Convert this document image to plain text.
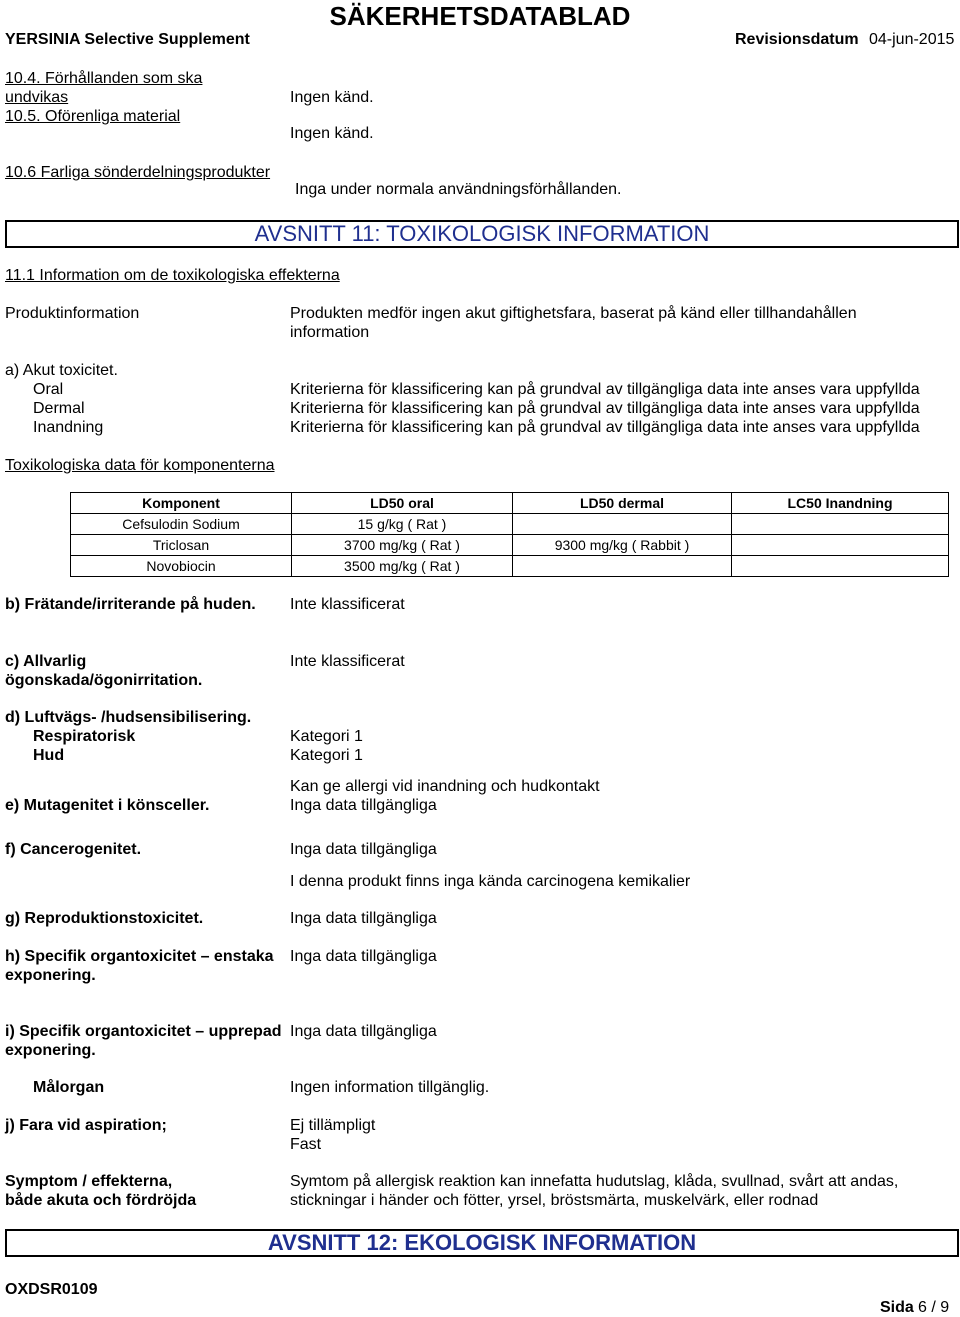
SÄKERHETSDATABLAD
YERSINIA Selective Supplement	Revisionsdatum 04-jun-2015
10.4. Förhållanden som ska
undvikas	Ingen känd.
10.5. Oförenliga material
Ingen känd.
10.6 Farliga sönderdelningsprodukter
Inga under normala användningsförhållanden.
AVSNITT 11: TOXIKOLOGISK INFORMATION
11.1 Information om de toxikologiska effekterna
Produktinformation	Produkten medför ingen akut giftighetsfara, baserat på känd eller tillhandahållen
information
a) Akut toxicitet.
Oral
Dermal
Inandning
Kriterierna för klassificering kan på grundval av tillgängliga data inte anses vara uppfyllda
Kriterierna för klassificering kan på grundval av tillgängliga data inte anses vara uppfyllda
Kriterierna för klassificering kan på grundval av tillgängliga data inte anses vara uppfyllda
Toxikologiska data för komponenterna
Komponent	LD50 oral	LD50 dermal	LC50 Inandning
Cefsulodin Sodium	15 g/kg ( Rat )		
Triclosan	3700 mg/kg ( Rat )	9300 mg/kg ( Rabbit )	
Novobiocin	3500 mg/kg ( Rat )		
b) Frätande/irriterande på huden. Inte klassificerat
c) Allvarlig
ögonskada/ögonirritation.
Inte klassificerat
d) Luftvägs- /hudsensibilisering.
Respiratorisk	Kategori 1
Hud	Kategori 1
Kan ge allergi vid inandning och hudkontakt
e) Mutagenitet i könsceller.	Inga data tillgängliga
f) Cancerogenitet.	Inga data tillgängliga
I denna produkt finns inga kända carcinogena kemikalier
g) Reproduktionstoxicitet.	Inga data tillgängliga
h) Specifik organtoxicitet – enstaka
exponering.
Inga data tillgängliga
i) Specifik organtoxicitet – upprepad
exponering.
Inga data tillgängliga
Målorgan	Ingen information tillgänglig.
j) Fara vid aspiration;	Ej tillämpligt
Fast
Symptom / effekterna,
både akuta och fördröjda
Symtom på allergisk reaktion kan innefatta hudutslag, klåda, svullnad, svårt att andas,
stickningar i händer och fötter, yrsel, bröstsmärta, muskelvärk, eller rodnad
AVSNITT 12: EKOLOGISK INFORMATION
OXDSR0109
Sida 6 / 9
